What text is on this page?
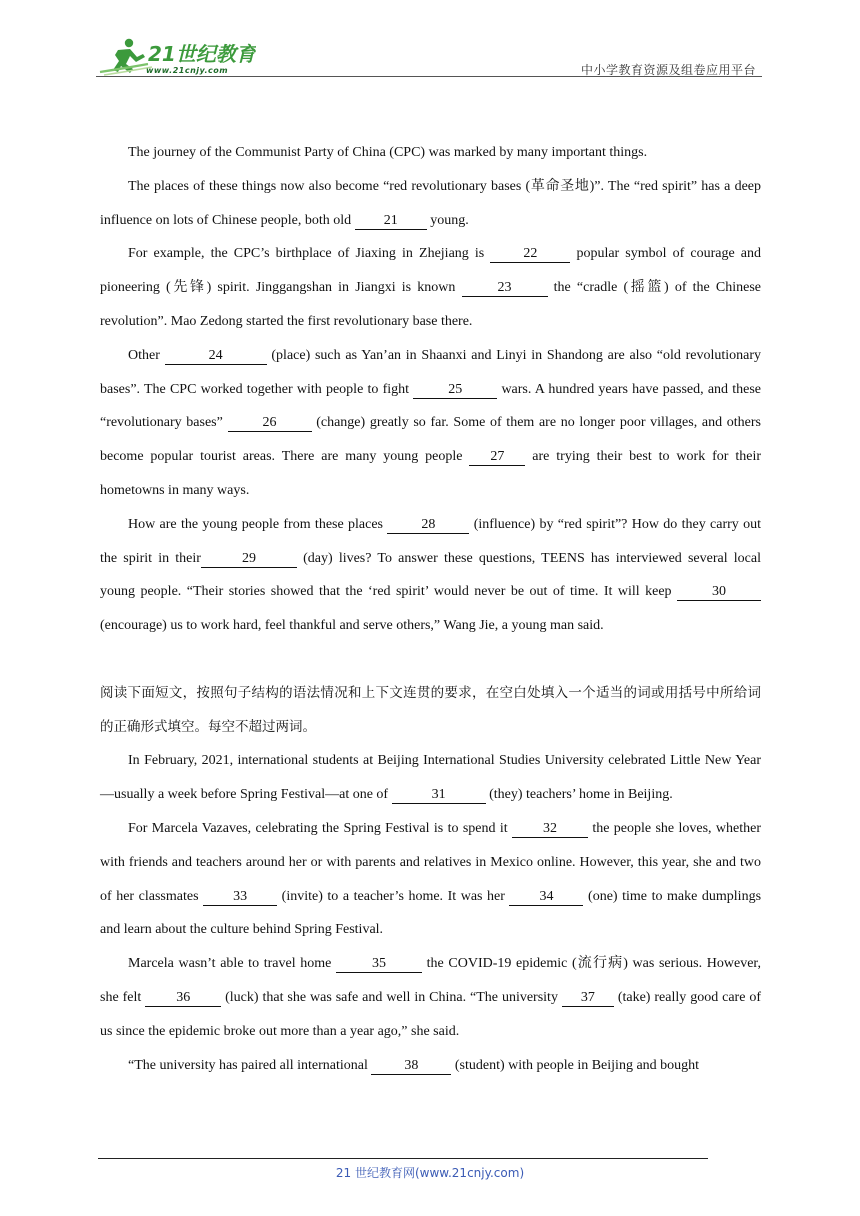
21世纪教育
www.21cnjy.com	中小学教育资源及组卷应用平台

The journey of the Communist Party of China (CPC) was marked by many important things.

The places of these things now also become “red revolutionary bases (革命圣地)”. The “red spirit” has a deep influence on lots of Chinese people, both old 21 young.

For example, the CPC’s birthplace of Jiaxing in Zhejiang is	22	popular symbol of courage and pioneering (先锋) spirit. Jinggangshan in Jiangxi is known	23	the “cradle (摇篮) of the Chinese revolution”. Mao Zedong started the first revolutionary base there.

Other	24	(place) such as Yan’an in Shaanxi and Linyi in Shandong are also “old revolutionary bases”. The CPC worked together with people to fight	25	wars. A hundred years have passed, and these “revolutionary bases”	26	(change) greatly so far. Some of them are no longer poor villages, and others become popular tourist areas. There are many young people 27 are trying their best to work for their hometowns in many ways.

How are the young people from these places	28	(influence) by “red spirit”? How do they carry out the spirit in their	29	(day) lives? To answer these questions, TEENS has interviewed several local young people. “Their stories showed that the ‘red spirit’ would never be out of time. It will keep	30 (encourage) us to work hard, feel thankful and serve others,” Wang Jie, a young man said.

阅读下面短文，按照句子结构的语法情况和上下文连贯的要求，在空白处填入一个适当的词或用括号中所给词的正确形式填空。每空不超过两词。

In February, 2021, international students at Beijing International Studies University celebrated Little New Year—usually a week before Spring Festival—at one of	31	(they) teachers’ home in Beijing.

For Marcela Vazaves, celebrating the Spring Festival is to spend it	32	the people she loves, whether with friends and teachers around her or with parents and relatives in Mexico online. However, this year, she and two of her classmates 33 (invite) to a teacher’s home. It was her 34 (one) time to make dumplings and learn about the culture behind Spring Festival.

Marcela wasn’t able to travel home	35	the COVID-19 epidemic (流行病) was serious. However, she felt 36 (luck) that she was safe and well in China. “The university 37 (take) really good care of us since the epidemic broke out more than a year ago,” she said.

“The university has paired all international	38	(student) with people in Beijing and bought

21 世纪教育网(www.21cnjy.com)
